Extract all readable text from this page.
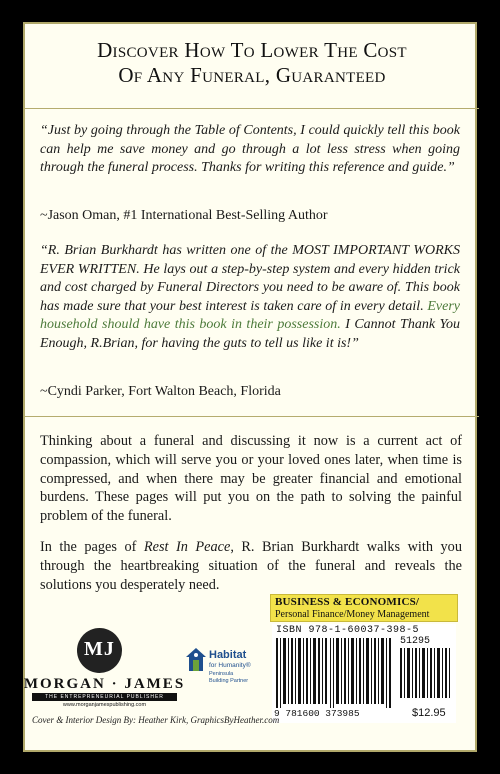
Discover How To Lower The Cost
Of Any Funeral, Guaranteed
“Just by going through the Table of Contents, I could quickly tell this book can help me save money and go through a lot less stress when going through the funeral process. Thanks for writing this reference and guide.”
~Jason Oman, #1 International Best-Selling Author
“R. Brian Burkhardt has written one of the MOST IMPORTANT WORKS EVER WRITTEN. He lays out a step-by-step system and every hidden trick and cost charged by Funeral Directors you need to be aware of. This book has made sure that your best interest is taken care of in every detail. Every household should have this book in their possession. I Cannot Thank You Enough, R.Brian, for having the guts to tell us like it is!”
~Cyndi Parker, Fort Walton Beach, Florida
Thinking about a funeral and discussing it now is a current act of compassion, which will serve you or your loved ones later, when time is compressed, and when there may be greater financial and emotional burdens. These pages will put you on the path to solving the painful problem of the funeral.
In the pages of Rest In Peace, R. Brian Burkhardt walks with you through the heartbreaking situation of the funeral and reveals the solutions you desperately need.
BUSINESS & ECONOMICS/
Personal Finance/Money Management
ISBN 978-1-60037-398-5
51295
9 781600 373985	$12.95
MJ
MORGAN · JAMES
THE ENTREPRENEURIAL PUBLISHER
www.morganjamespublishing.com
Habitat
for Humanity®
Peninsula
Building Partner
Cover & Interior Design By: Heather Kirk, GraphicsByHeather.com
